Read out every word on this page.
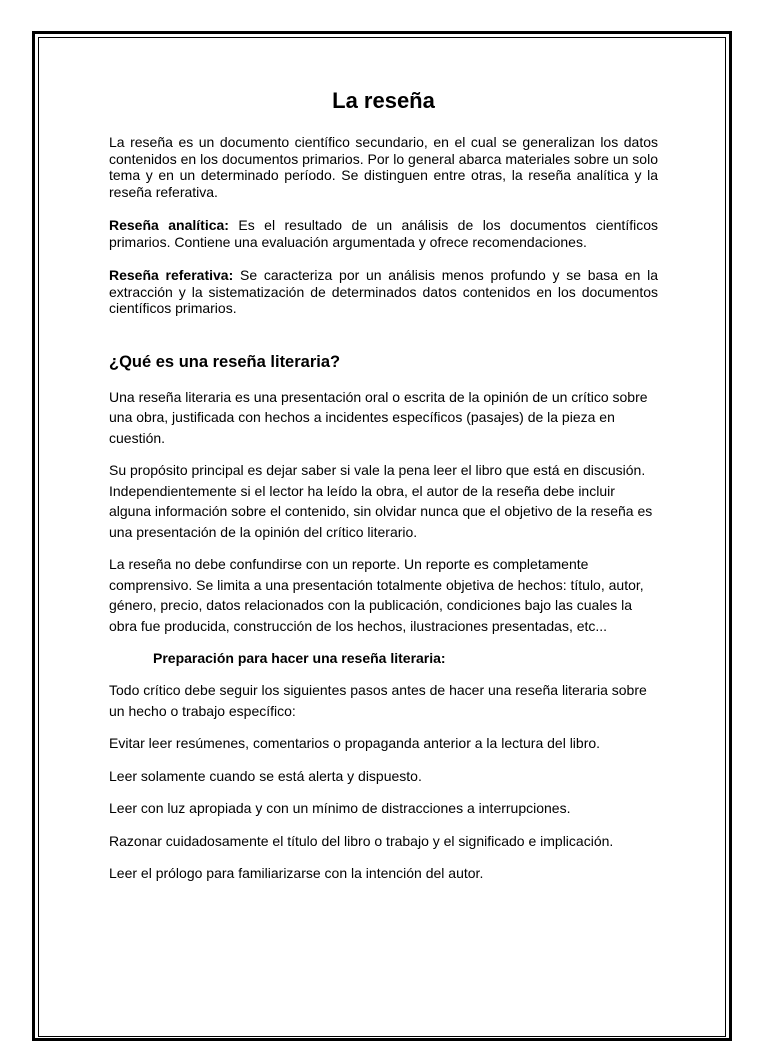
La reseña

La reseña es un documento científico secundario, en el cual se generalizan los datos contenidos en los documentos primarios. Por lo general abarca materiales sobre un solo tema y en un determinado período. Se distinguen entre otras, la reseña analítica y la reseña referativa.

Reseña analítica: Es el resultado de un análisis de los documentos científicos primarios. Contiene una evaluación argumentada y ofrece recomendaciones.

Reseña referativa: Se caracteriza por un análisis menos profundo y se basa en la extracción y la sistematización de determinados datos contenidos en los documentos científicos primarios.

¿Qué es una reseña literaria?

Una reseña literaria es una presentación oral o escrita de la opinión de un crítico sobre una obra, justificada con hechos a incidentes específicos (pasajes) de la pieza en cuestión.

Su propósito principal es dejar saber si vale la pena leer el libro que está en discusión. Independientemente si el lector ha leído la obra, el autor de la reseña debe incluir alguna información sobre el contenido, sin olvidar nunca que el objetivo de la reseña es una presentación de la opinión del crítico literario.

La reseña no debe confundirse con un reporte. Un reporte es completamente comprensivo. Se limita a una presentación totalmente objetiva de hechos: título, autor, género, precio, datos relacionados con la publicación, condiciones bajo las cuales la obra fue producida, construcción de los hechos, ilustraciones presentadas, etc...

Preparación para hacer una reseña literaria:

Todo crítico debe seguir los siguientes pasos antes de hacer una reseña literaria sobre un hecho o trabajo específico:

Evitar leer resúmenes, comentarios o propaganda anterior a la lectura del libro.

Leer solamente cuando se está alerta y dispuesto.

Leer con luz apropiada y con un mínimo de distracciones a interrupciones.

Razonar cuidadosamente el título del libro o trabajo y el significado e implicación.

Leer el prólogo para familiarizarse con la intención del autor.
